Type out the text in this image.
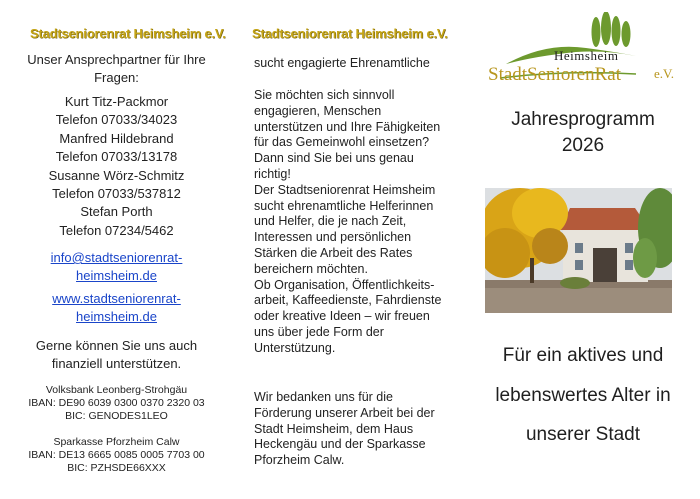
Stadtseniorenrat Heimsheim e.V.
Unser Ansprechpartner für Ihre
Fragen:
Kurt Titz-Packmor
Telefon 07033/34023
Manfred Hildebrand
Telefon 07033/13178
Susanne Wörz-Schmitz
Telefon 07033/537812
Stefan Porth
Telefon 07234/5462
info@stadtseniorenrat-
heimsheim.de
www.stadtseniorenrat-
heimsheim.de
Gerne können Sie uns auch
finanziell unterstützen.
Volksbank Leonberg-Strohgäu
IBAN: DE90 6039 0300 0370 2320 03
BIC: GENODES1LEO
Sparkasse Pforzheim Calw
IBAN: DE13 6665 0085 0005 7703 00
BIC: PZHSDE66XXX
Stadtseniorenrat Heimsheim e.V.
sucht engagierte Ehrenamtliche
Sie möchten sich sinnvoll
engagieren, Menschen
unterstützen und Ihre Fähigkeiten
für das Gemeinwohl einsetzen?
Dann sind Sie bei uns genau
richtig!
Der Stadtseniorenrat Heimsheim
sucht ehrenamtliche Helferinnen
und Helfer, die je nach Zeit,
Interessen und persönlichen
Stärken die Arbeit des Rates
bereichern möchten.
Ob Organisation, Öffentlichkeits-
arbeit, Kaffeedienste, Fahrdienste
oder kreative Ideen – wir freuen
uns über jede Form der
Unterstützung.
Wir bedanken uns für die
Förderung unserer Arbeit bei der
Stadt Heimsheim, dem Haus
Heckengäu und der Sparkasse
Pforzheim Calw.
Heimsheim
StadtSeniorenRat	e.V.
Jahresprogramm
2026
Für ein aktives und
lebenswertes Alter in
unserer Stadt
